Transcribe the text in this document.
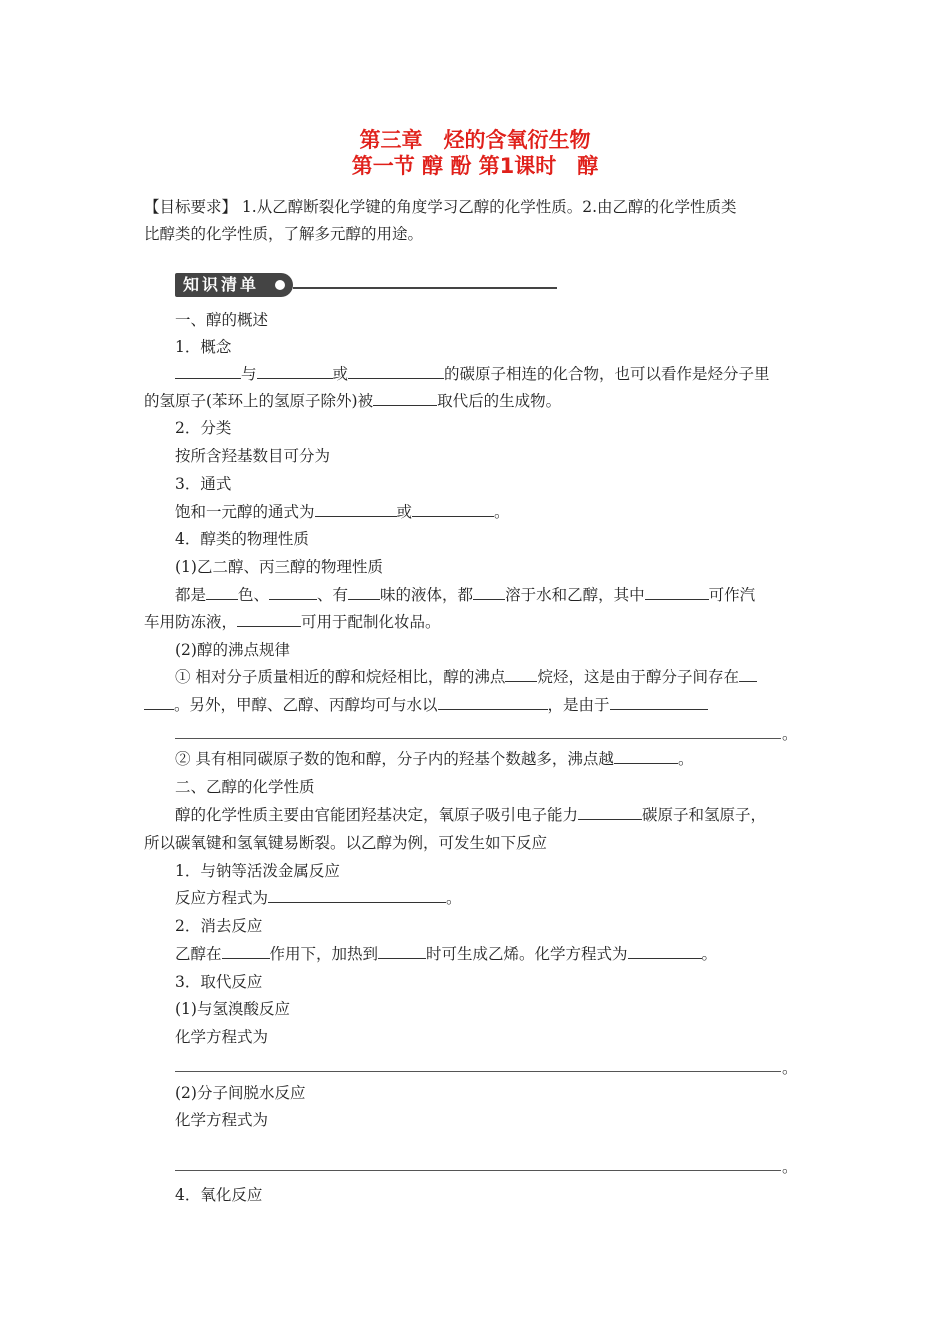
第三章　烃的含氧衍生物
第一节 醇 酚 第1课时　醇
【目标要求】 1.从乙醇断裂化学键的角度学习乙醇的化学性质。2.由乙醇的化学性质类
比醇类的化学性质，了解多元醇的用途。
知识清单
一、醇的概述
1．概念
与	或	的碳原子相连的化合物，也可以看作是烃分子里
的氢原子(苯环上的氢原子除外)被	取代后的生成物。
2．分类
按所含羟基数目可分为
3．通式
饱和一元醇的通式为	或	。
4．醇类的物理性质
(1)乙二醇、丙三醇的物理性质
都是 色、	、有 味的液体，都 溶于水和乙醇，其中	可作汽
车用防冻液，	可用于配制化妆品。
(2)醇的沸点规律
① 相对分子质量相近的醇和烷烃相比，醇的沸点 烷烃，这是由于醇分子间存在
。另外，甲醇、乙醇、丙醇均可与水以	，是由于
。
② 具有相同碳原子数的饱和醇，分子内的羟基个数越多，沸点越	。
二、乙醇的化学性质
醇的化学性质主要由官能团羟基决定，氧原子吸引电子能力	碳原子和氢原子，
所以碳氧键和氢氧键易断裂。以乙醇为例，可发生如下反应
1．与钠等活泼金属反应
反应方程式为	。
2．消去反应
乙醇在	作用下，加热到	时可生成乙烯。化学方程式为	。
3．取代反应
(1)与氢溴酸反应
化学方程式为
。
(2)分子间脱水反应
化学方程式为
。
4．氧化反应
